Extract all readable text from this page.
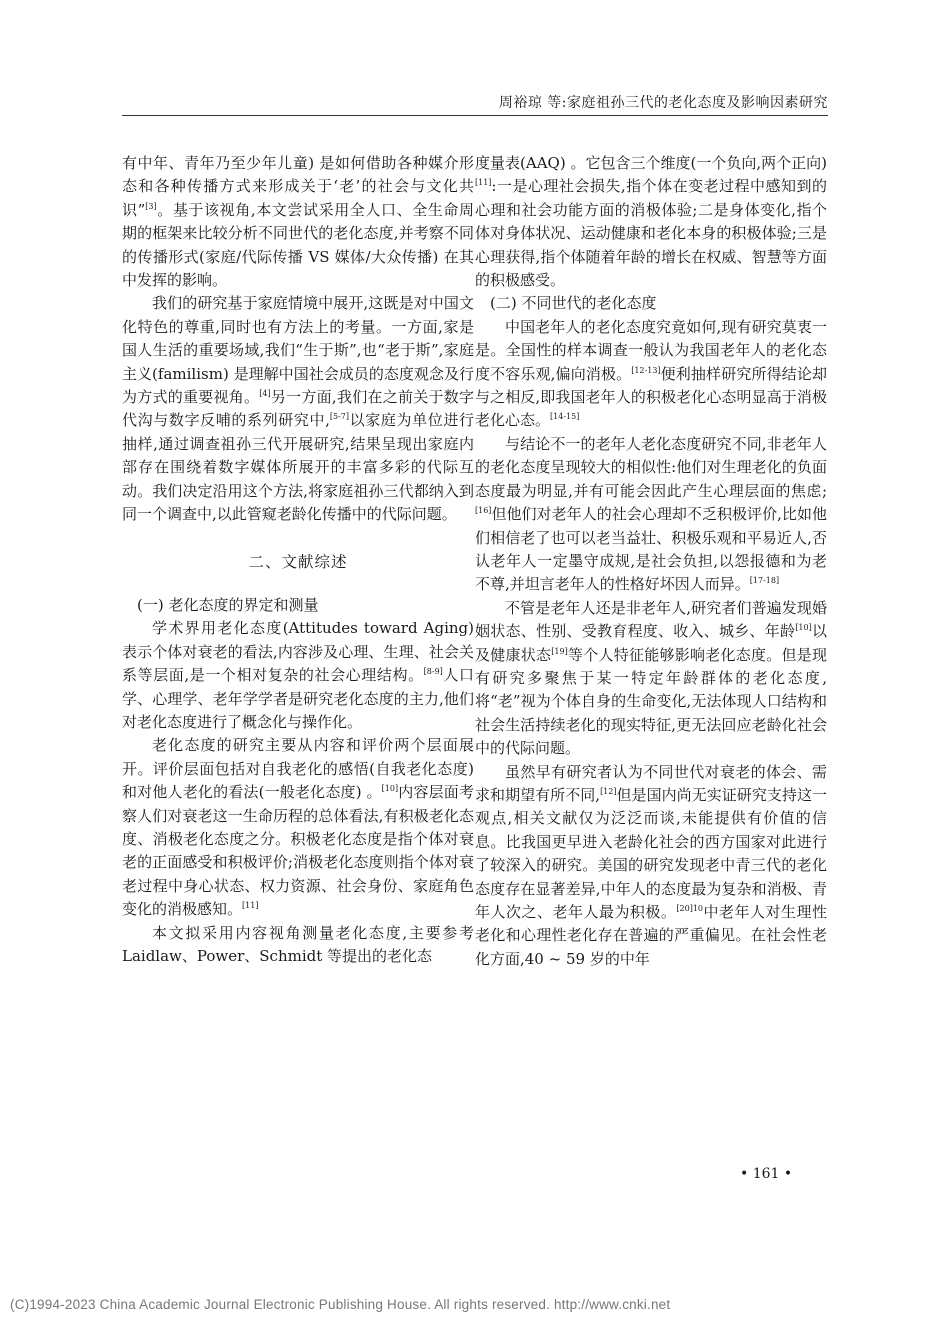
周裕琼 等:家庭祖孙三代的老化态度及影响因素研究

有中年、青年乃至少年儿童) 是如何借助各种媒介形态和各种传播方式来形成关于‘老’的社会与文化共识”[3]。基于该视角,本文尝试采用全人口、全生命周期的框架来比较分析不同世代的老化态度,并考察不同的传播形式(家庭/代际传播 VS 媒体/大众传播) 在其中发挥的影响。

我们的研究基于家庭情境中展开,这既是对中国文化特色的尊重,同时也有方法上的考量。一方面,家是国人生活的重要场域,我们“生于斯”,也“老于斯”,家庭主义(familism) 是理解中国社会成员的态度观念及行为方式的重要视角。[4]另一方面,我们在之前关于数字代沟与数字反哺的系列研究中,[5-7]以家庭为单位进行抽样,通过调查祖孙三代开展研究,结果呈现出家庭内部存在围绕着数字媒体所展开的丰富多彩的代际互动。我们决定沿用这个方法,将家庭祖孙三代都纳入到同一个调查中,以此管窥老龄化传播中的代际问题。

二、文献综述

(一) 老化态度的界定和测量

学术界用老化态度(Attitudes toward Aging) 表示个体对衰老的看法,内容涉及心理、生理、社会关系等层面,是一个相对复杂的社会心理结构。[8-9]人口学、心理学、老年学学者是研究老化态度的主力,他们对老化态度进行了概念化与操作化。

老化态度的研究主要从内容和评价两个层面展开。评价层面包括对自我老化的感悟(自我老化态度) 和对他人老化的看法(一般老化态度) 。[10]内容层面考察人们对衰老这一生命历程的总体看法,有积极老化态度、消极老化态度之分。积极老化态度是指个体对衰老的正面感受和积极评价;消极老化态度则指个体对衰老过程中身心状态、权力资源、社会身份、家庭角色变化的消极感知。[11]

本文拟采用内容视角测量老化态度,主要参考 Laidlaw、Power、Schmidt 等提出的老化态

度量表(AAQ) 。它包含三个维度(一个负向,两个正向)[11]:一是心理社会损失,指个体在变老过程中感知到的心理和社会功能方面的消极体验;二是身体变化,指个体对身体状况、运动健康和老化本身的积极体验;三是心理获得,指个体随着年龄的增长在权威、智慧等方面的积极感受。

(二) 不同世代的老化态度

中国老年人的老化态度究竟如何,现有研究莫衷一是。全国性的样本调查一般认为我国老年人的老化态度不容乐观,偏向消极。[12-13]便利抽样研究所得结论却与之相反,即我国老年人的积极老化心态明显高于消极老化心态。[14-15]

与结论不一的老年人老化态度研究不同,非老年人的老化态度呈现较大的相似性:他们对生理老化的负面态度最为明显,并有可能会因此产生心理层面的焦虑;[16]但他们对老年人的社会心理却不乏积极评价,比如他们相信老了也可以老当益壮、积极乐观和平易近人,否认老年人一定墨守成规,是社会负担,以怨报德和为老不尊,并坦言老年人的性格好坏因人而异。[17-18]

不管是老年人还是非老年人,研究者们普遍发现婚姻状态、性别、受教育程度、收入、城乡、年龄[10]以及健康状态[19]等个人特征能够影响老化态度。但是现有研究多聚焦于某一特定年龄群体的老化态度,将“老”视为个体自身的生命变化,无法体现人口结构和社会生活持续老化的现实特征,更无法回应老龄化社会中的代际问题。

虽然早有研究者认为不同世代对衰老的体会、需求和期望有所不同,[12]但是国内尚无实证研究支持这一观点,相关文献仅为泛泛而谈,未能提供有价值的信息。比我国更早进入老龄化社会的西方国家对此进行了较深入的研究。美国的研究发现老中青三代的老化态度存在显著差异,中年人的态度最为复杂和消极、青年人次之、老年人最为积极。$^{[20]10}$中老年人对生理性老化和心理性老化存在普遍的严重偏见。在社会性老化方面,40 ~ 59 岁的中年

• 161 •
(C)1994-2023 China Academic Journal Electronic Publishing House. All rights reserved. http://www.cnki.net
